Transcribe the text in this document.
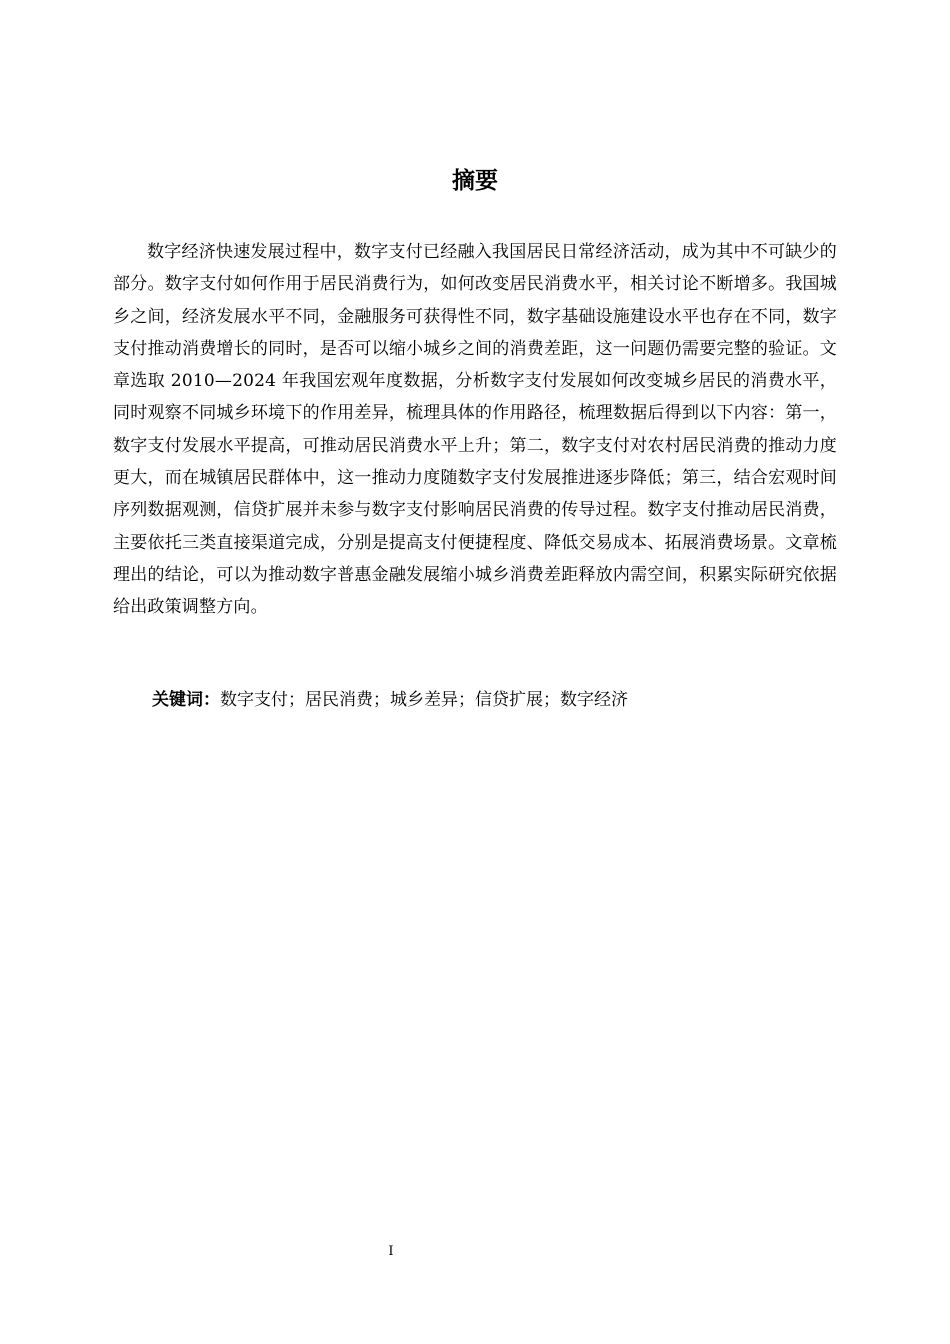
摘要

数字经济快速发展过程中，数字支付已经融入我国居民日常经济活动，成为其中不可缺少的部分。数字支付如何作用于居民消费行为，如何改变居民消费水平，相关讨论不断增多。我国城乡之间，经济发展水平不同，金融服务可获得性不同，数字基础设施建设水平也存在不同，数字支付推动消费增长的同时，是否可以缩小城乡之间的消费差距，这一问题仍需要完整的验证。文章选取 2010—2024 年我国宏观年度数据，分析数字支付发展如何改变城乡居民的消费水平，同时观察不同城乡环境下的作用差异，梳理具体的作用路径，梳理数据后得到以下内容：第一，数字支付发展水平提高，可推动居民消费水平上升；第二，数字支付对农村居民消费的推动力度更大，而在城镇居民群体中，这一推动力度随数字支付发展推进逐步降低；第三，结合宏观时间序列数据观测，信贷扩展并未参与数字支付影响居民消费的传导过程。数字支付推动居民消费，主要依托三类直接渠道完成，分别是提高支付便捷程度、降低交易成本、拓展消费场景。文章梳理出的结论，可以为推动数字普惠金融发展缩小城乡消费差距释放内需空间，积累实际研究依据给出政策调整方向。

关键词：数字支付；居民消费；城乡差异；信贷扩展；数字经济

I
